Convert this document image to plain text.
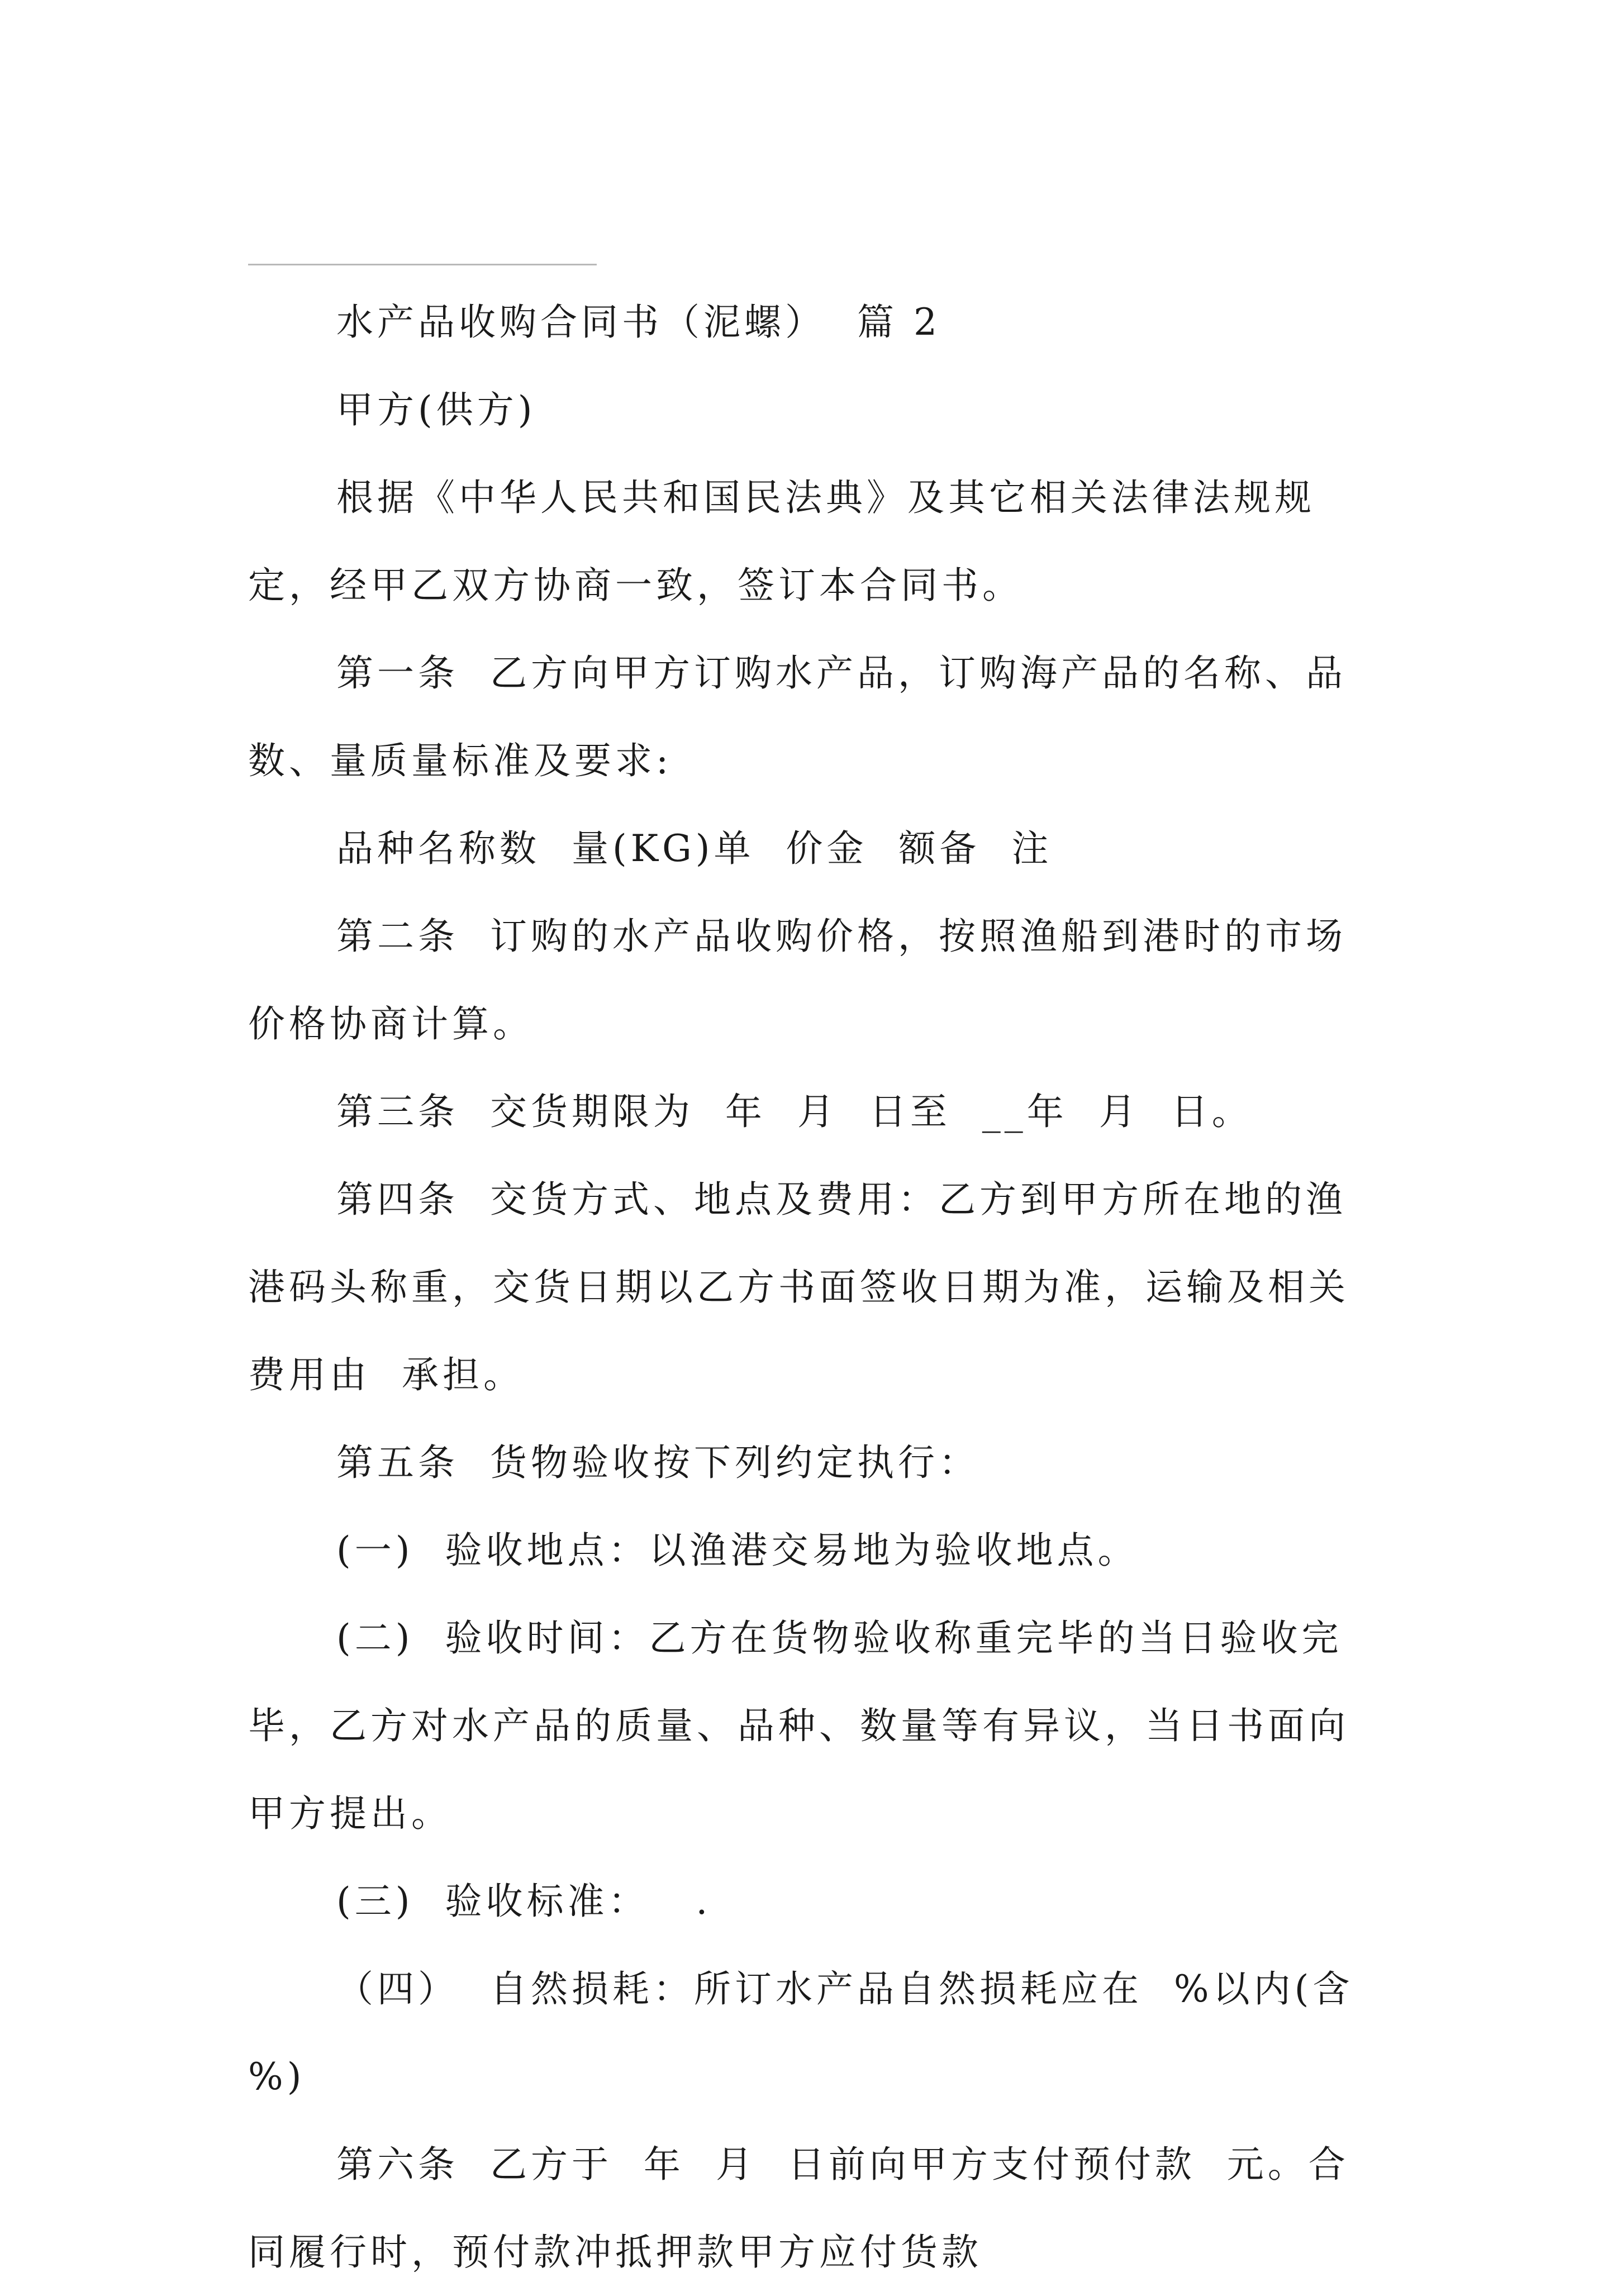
水产品收购合同书（泥螺）  篇 2

甲方(供方)

根据《中华人民共和国民法典》及其它相关法律法规规定，经甲乙双方协商一致，签订本合同书。

第一条  乙方向甲方订购水产品，订购海产品的名称、品数、量质量标准及要求:

品种名称数  量(KG)单  价金  额备  注

第二条  订购的水产品收购价格，按照渔船到港时的市场价格协商计算。

第三条  交货期限为  年  月  日至  __年  月  日。

第四条  交货方式、地点及费用：乙方到甲方所在地的渔港码头称重，交货日期以乙方书面签收日期为准，运输及相关费用由  承担。

第五条  货物验收按下列约定执行：

(一)  验收地点：以渔港交易地为验收地点。

(二)  验收时间：乙方在货物验收称重完毕的当日验收完毕，乙方对水产品的质量、品种、数量等有异议，当日书面向甲方提出。

(三)  验收标准：   .

（四）  自然损耗：所订水产品自然损耗应在  %以内(含  %)

第六条  乙方于  年  月  日前向甲方支付预付款  元。合同履行时，预付款冲抵押款甲方应付货款
